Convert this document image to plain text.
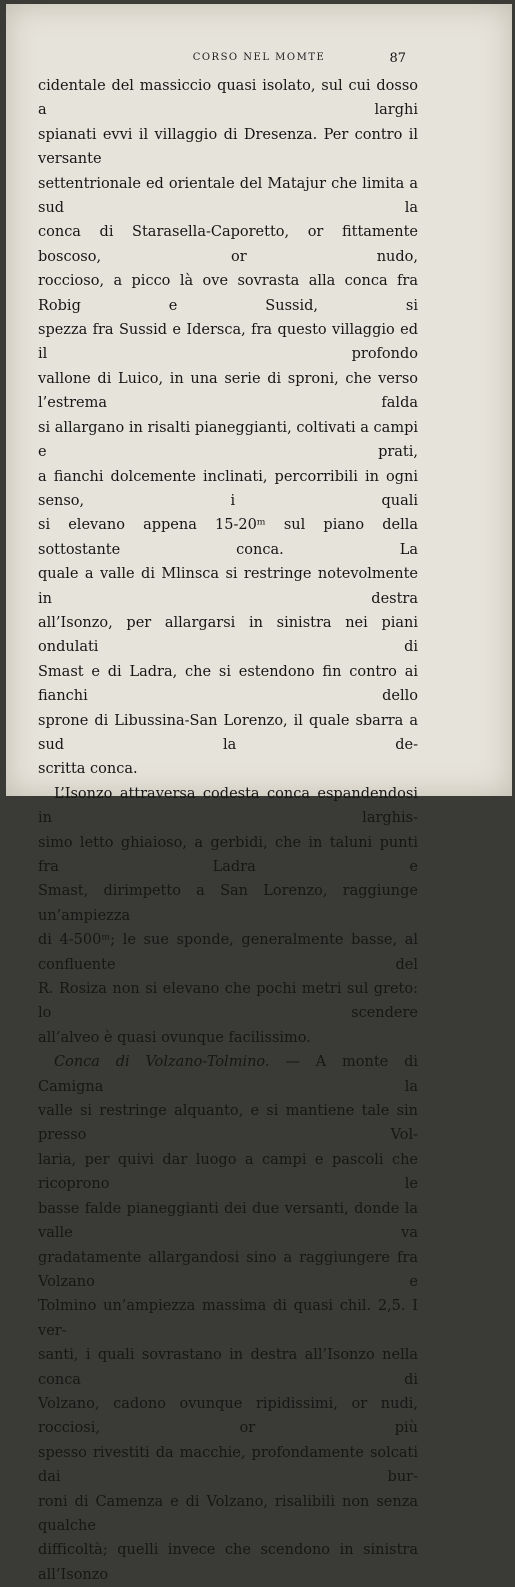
CORSO NEL MOMTE	87

cidentale del massiccio quasi isolato, sul cui dosso a larghi

spianati evvi il villaggio di Dresenza. Per contro il versante

settentrionale ed orientale del Matajur che limita a sud la

conca di Starasella-Caporetto, or fittamente boscoso, or nudo,

roccioso, a picco là ove sovrasta alla conca fra Robig e Sussid, si

spezza fra Sussid e Idersca, fra questo villaggio ed il profondo

vallone di Luico, in una serie di sproni, che verso l’estrema falda

si allargano in risalti pianeggianti, coltivati a campi e prati,

a fianchi dolcemente inclinati, percorribili in ogni senso, i quali

si elevano appena 15-20ᵐ sul piano della sottostante conca. La

quale a valle di Mlinsca si restringe notevolmente in destra

all’Isonzo, per allargarsi in sinistra nei piani ondulati di

Smast e di Ladra, che si estendono fin contro ai fianchi dello

sprone di Libussina-San Lorenzo, il quale sbarra a sud la de-

scritta conca.

L’Isonzo attraversa codesta conca espandendosi in larghis-

simo letto ghiaioso, a gerbidi, che in taluni punti fra Ladra e

Smast, dirimpetto a San Lorenzo, raggiunge un’ampiezza

di 4-500ᵐ; le sue sponde, generalmente basse, al confluente del

R. Rosiza non si elevano che pochi metri sul greto: lo scendere

all’alveo è quasi ovunque facilissimo.

Conca di Volzano-Tolmino. — A monte di Camigna la

valle si restringe alquanto, e si mantiene tale sin presso Vol-

laria, per quivi dar luogo a campi e pascoli che ricoprono le

basse falde pianeggianti dei due versanti, donde la valle va

gradatamente allargandosi sino a raggiungere fra Volzano e

Tolmino un’ampiezza massima di quasi chil. 2,5. I ver-

santi, i quali sovrastano in destra all’Isonzo nella conca di

Volzano, cadono ovunque ripidissimi, or nudi, rocciosi, or più

spesso rivestiti da macchie, profondamente solcati dai bur-

roni di Camenza e di Volzano, risalibili non senza qualche

difficoltà; quelli invece che scendono in sinistra all’Isonzo
